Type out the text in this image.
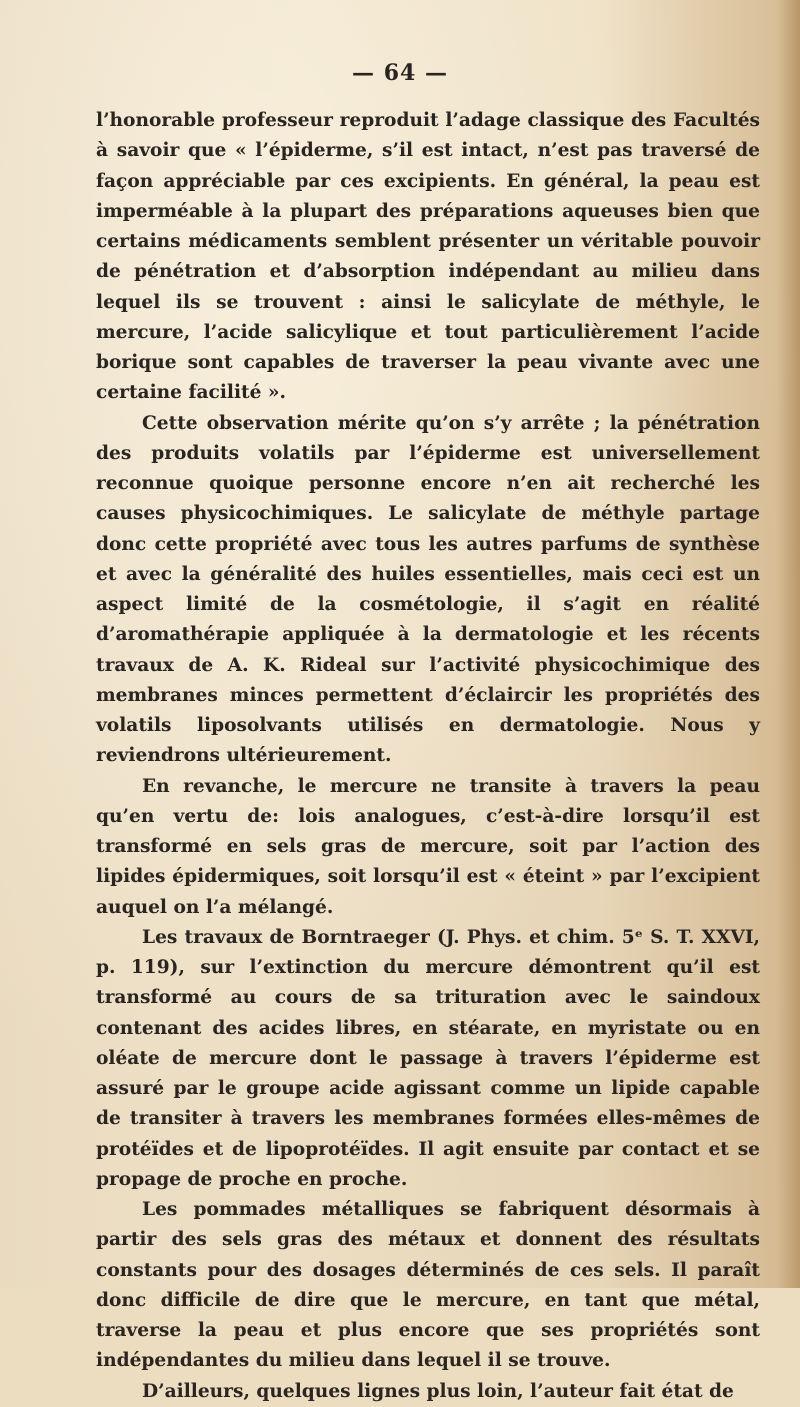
— 64 —

l’honorable professeur reproduit l’adage classique des Facultés à savoir que « l’épiderme, s’il est intact, n’est pas traversé de façon appréciable par ces excipients. En général, la peau est imperméable à la plupart des préparations aqueuses bien que certains médicaments semblent présenter un véritable pouvoir de pénétration et d’absorption indépendant au milieu dans lequel ils se trouvent : ainsi le salicylate de méthyle, le mercure, l’acide salicylique et tout particulièrement l’acide borique sont capables de traverser la peau vivante avec une certaine facilité ».

Cette observation mérite qu’on s’y arrête ; la pénétration des produits volatils par l’épiderme est universellement reconnue quoique personne encore n’en ait recherché les causes physicochimiques. Le salicylate de méthyle partage donc cette propriété avec tous les autres parfums de synthèse et avec la généralité des huiles essentielles, mais ceci est un aspect limité de la cosmétologie, il s’agit en réalité d’aromathérapie appliquée à la dermatologie et les récents travaux de A. K. Rideal sur l’activité physicochimique des membranes minces permettent d’éclaircir les propriétés des volatils liposolvants utilisés en dermatologie. Nous y reviendrons ultérieurement.

En revanche, le mercure ne transite à travers la peau qu’en vertu de: lois analogues, c’est-à-dire lorsqu’il est transformé en sels gras de mercure, soit par l’action des lipides épidermiques, soit lorsqu’il est « éteint » par l’excipient auquel on l’a mélangé.

Les travaux de Borntraeger (J. Phys. et chim. 5ᵉ S. T. XXVI, p. 119), sur l’extinction du mercure démontrent qu’il est transformé au cours de sa trituration avec le saindoux contenant des acides libres, en stéarate, en myristate ou en oléate de mercure dont le passage à travers l’épiderme est assuré par le groupe acide agissant comme un lipide capable de transiter à travers les membranes formées elles-mêmes de protéïdes et de lipoprotéïdes. Il agit ensuite par contact et se propage de proche en proche.

Les pommades métalliques se fabriquent désormais à partir des sels gras des métaux et donnent des résultats constants pour des dosages déterminés de ces sels. Il paraît donc difficile de dire que le mercure, en tant que métal, traverse la peau et plus encore que ses propriétés sont indépendantes du milieu dans lequel il se trouve.

D’ailleurs, quelques lignes plus loin, l’auteur fait état de
